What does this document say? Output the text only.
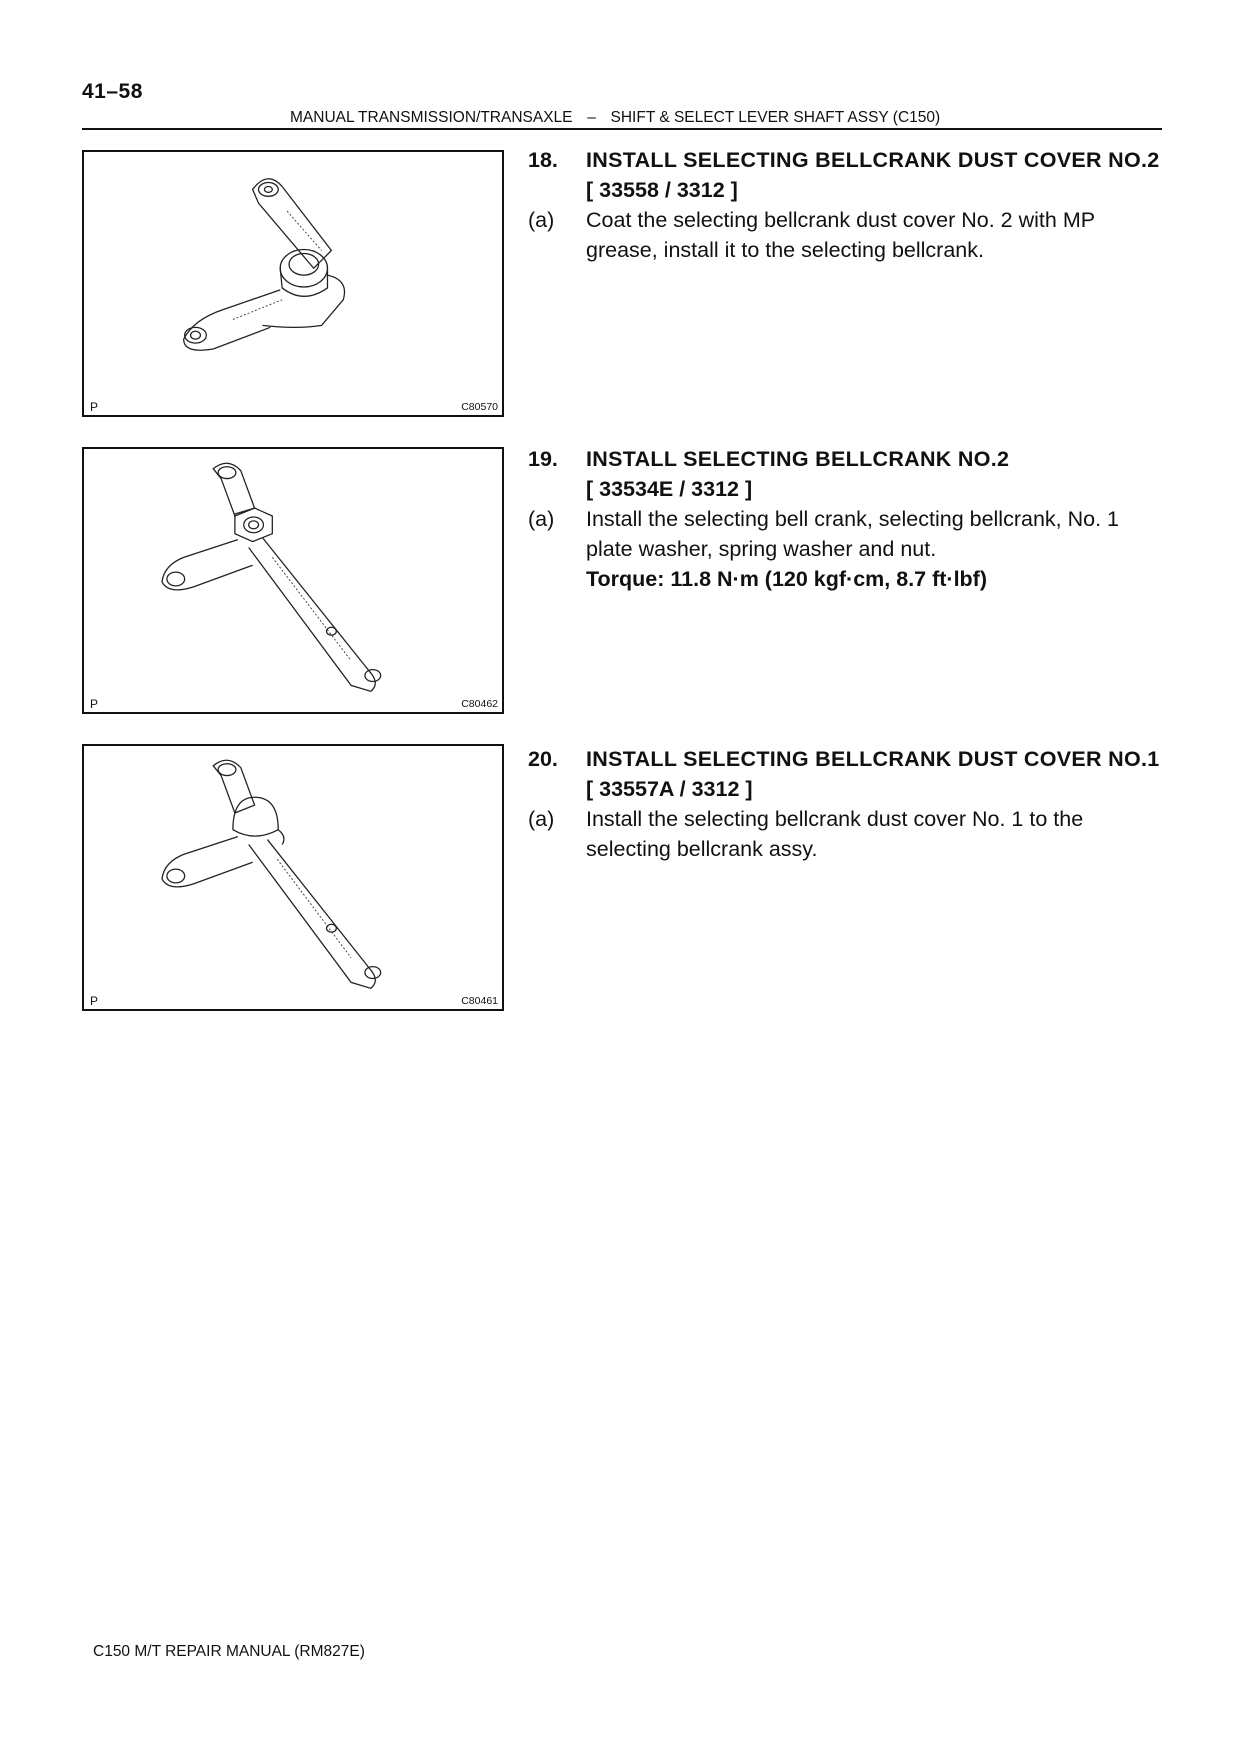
41–58
MANUAL TRANSMISSION/TRANSAXLE – SHIFT & SELECT LEVER SHAFT ASSY (C150)
P	C80570
P	C80462
P	C80461
18.	INSTALL SELECTING BELLCRANK DUST COVER NO.2
[ 33558 / 3312 ]
(a)	Coat the selecting bellcrank dust cover No. 2 with MP grease, install it to the selecting bellcrank.
19.	INSTALL SELECTING BELLCRANK NO.2
[ 33534E / 3312 ]
(a)	Install the selecting bell crank, selecting bellcrank, No. 1 plate washer, spring washer and nut.
Torque: 11.8 N·m (120 kgf·cm, 8.7 ft·lbf)
20.	INSTALL SELECTING BELLCRANK DUST COVER NO.1
[ 33557A / 3312 ]
(a)	Install the selecting bellcrank dust cover No. 1 to the selecting bellcrank assy.
C150 M/T REPAIR MANUAL (RM827E)
